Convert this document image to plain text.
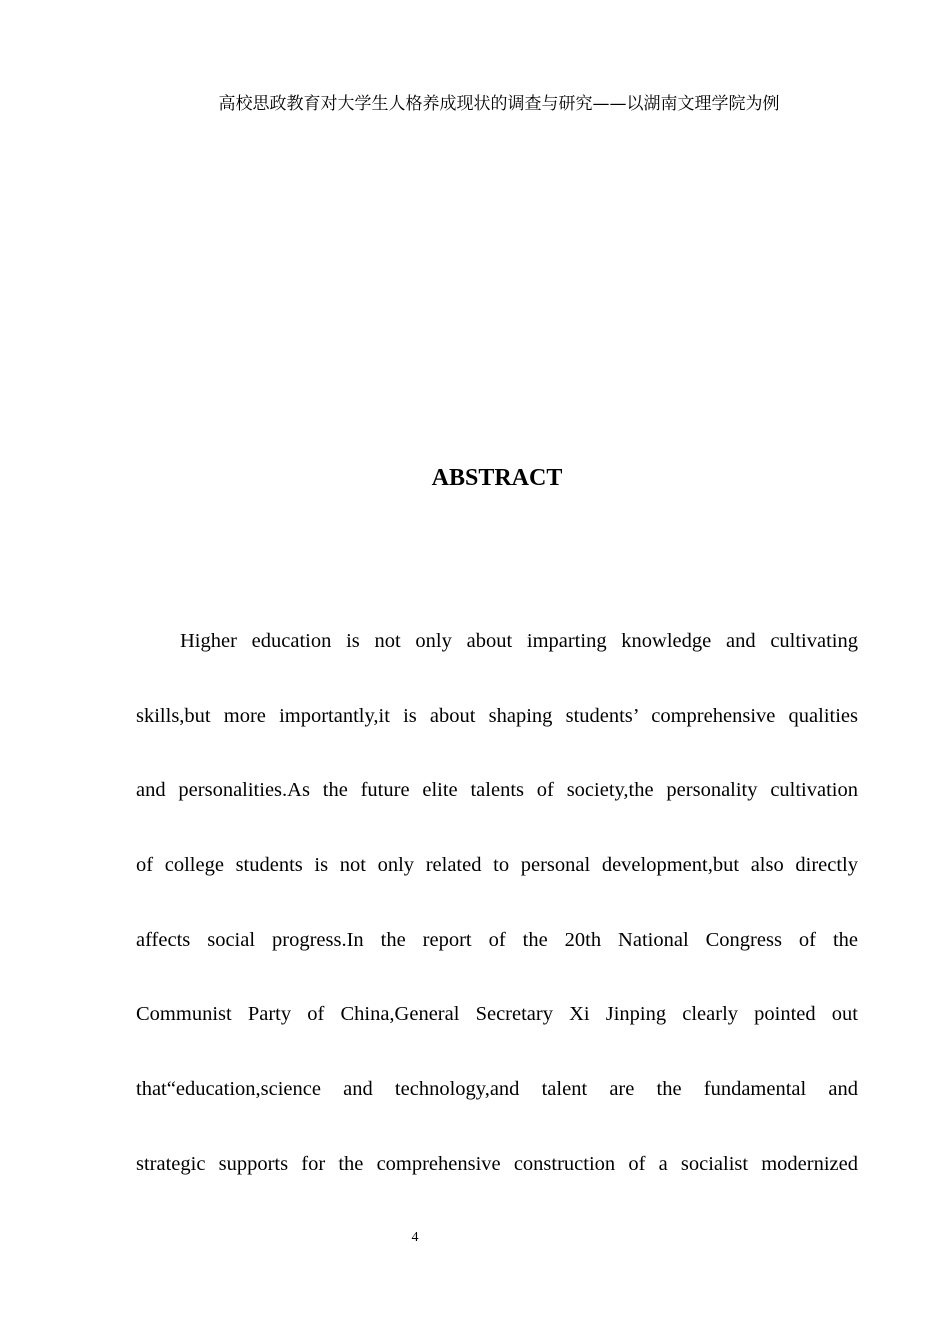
高校思政教育对大学生人格养成现状的调查与研究——以湖南文理学院为例
ABSTRACT
Higher education is not only about imparting knowledge and cultivating
skills,but more importantly,it is about shaping students’ comprehensive qualities
and personalities.As the future elite talents of society,the personality cultivation
of college students is not only related to personal development,but also directly
affects social progress.In the report of the 20th National Congress of the
Communist Party of China,General Secretary Xi Jinping clearly pointed out
that“education,science and technology,and talent are the fundamental and
strategic supports for the comprehensive construction of a socialist modernized
4
